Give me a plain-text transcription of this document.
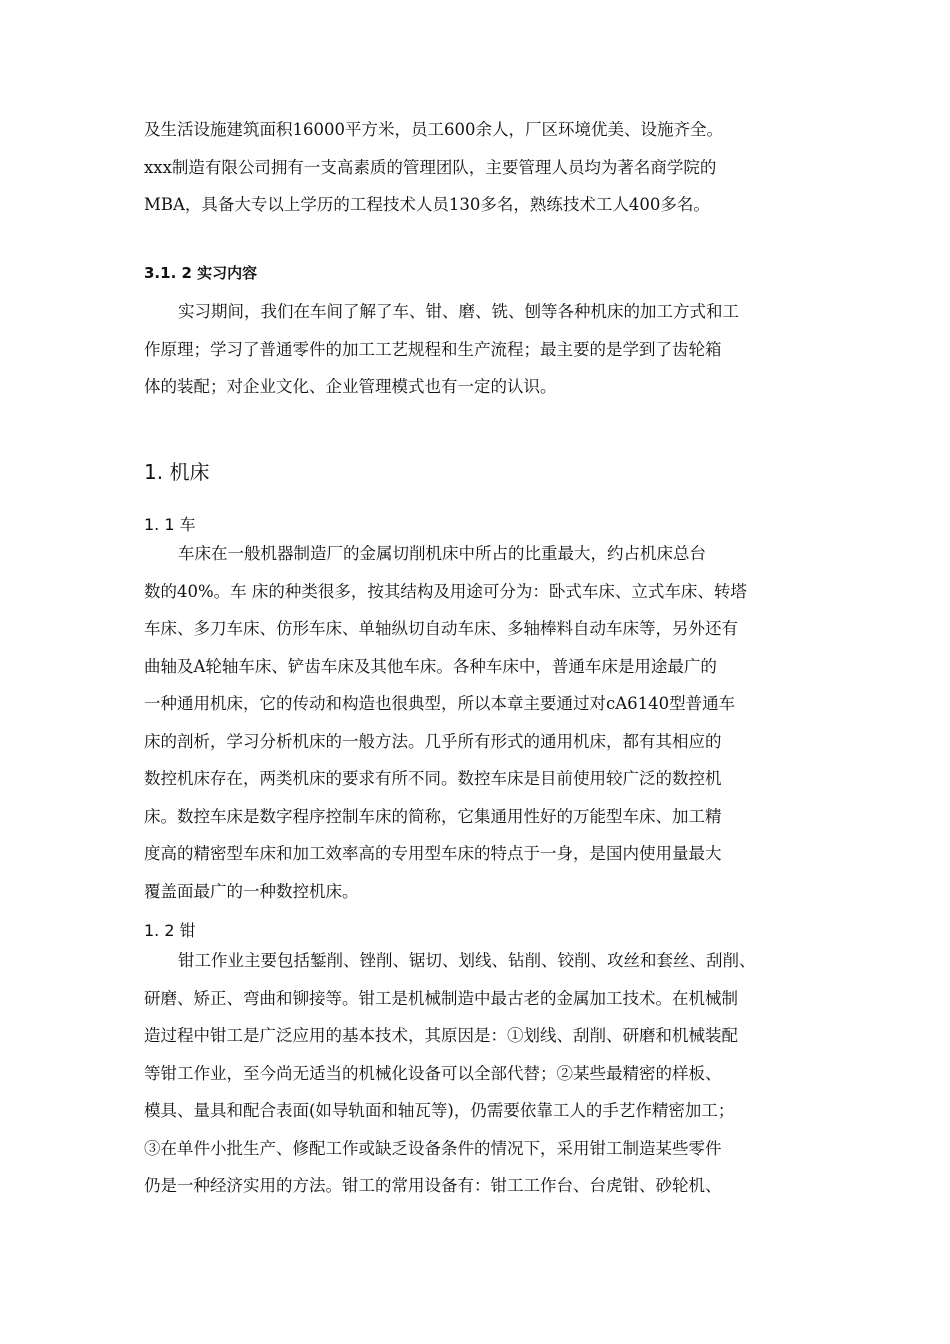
及生活设施建筑面积16000平方米，员工600余人，厂区环境优美、设施齐全。
xxx制造有限公司拥有一支高素质的管理团队，主要管理人员均为著名商学院的
MBA，具备大专以上学历的工程技术人员130多名，熟练技术工人400多名。
3.1. 2 实习内容
实习期间，我们在车间了解了车、钳、磨、铣、刨等各种机床的加工方式和工
作原理；学习了普通零件的加工工艺规程和生产流程；最主要的是学到了齿轮箱
体的装配；对企业文化、企业管理模式也有一定的认识。
1. 机床
1. 1 车
车床在一般机器制造厂的金属切削机床中所占的比重最大，约占机床总台
数的40%。车 床的种类很多，按其结构及用途可分为：卧式车床、立式车床、转塔
车床、多刀车床、仿形车床、单轴纵切自动车床、多轴棒料自动车床等，另外还有
曲轴及A轮轴车床、铲齿车床及其他车床。各种车床中，普通车床是用途最广的
一种通用机床，它的传动和构造也很典型，所以本章主要通过对cA6140型普通车
床的剖析，学习分析机床的一般方法。几乎所有形式的通用机床，都有其相应的
数控机床存在，两类机床的要求有所不同。数控车床是目前使用较广泛的数控机
床。数控车床是数字程序控制车床的简称，它集通用性好的万能型车床、加工精
度高的精密型车床和加工效率高的专用型车床的特点于一身，是国内使用量最大
覆盖面最广的一种数控机床。
1. 2 钳
钳工作业主要包括錾削、锉削、锯切、划线、钻削、铰削、攻丝和套丝、刮削、
研磨、矫正、弯曲和铆接等。钳工是机械制造中最古老的金属加工技术。在机械制
造过程中钳工是广泛应用的基本技术，其原因是：①划线、刮削、研磨和机械装配
等钳工作业，至今尚无适当的机械化设备可以全部代替；②某些最精密的样板、
模具、量具和配合表面(如导轨面和轴瓦等)，仍需要依靠工人的手艺作精密加工；
③在单件小批生产、修配工作或缺乏设备条件的情况下，采用钳工制造某些零件
仍是一种经济实用的方法。钳工的常用设备有：钳工工作台、台虎钳、砂轮机、
